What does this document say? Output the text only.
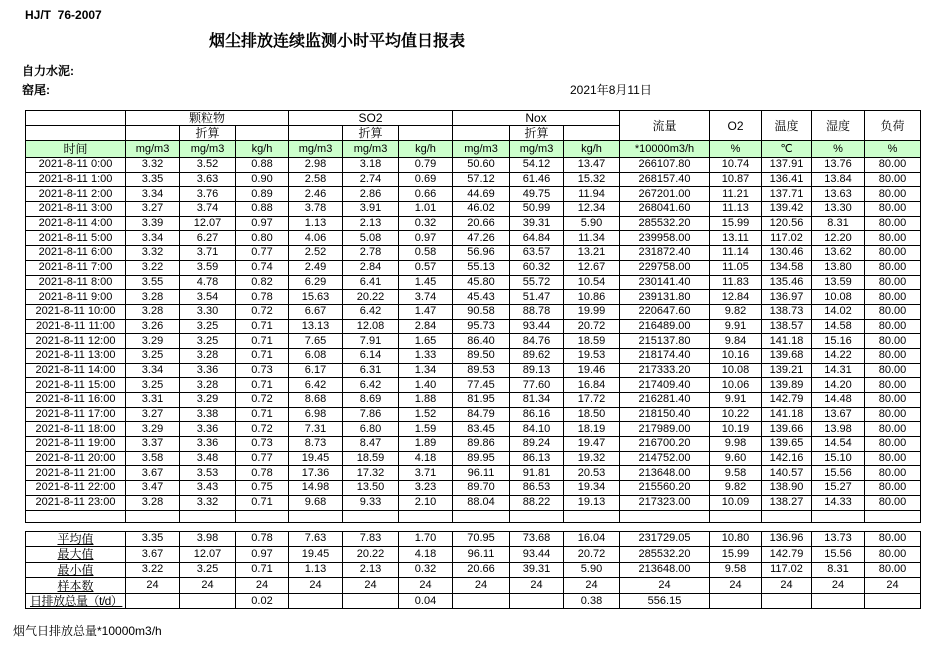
HJ/T  76-2007
烟尘排放连续监测小时平均值日报表
自力水泥:
窑尾:	2021年8月11日
	颗粒物			SO2			Nox			流量	O2	温度	湿度	负荷
		折算			折算			折算						
时间	mg/m3	mg/m3	kg/h	mg/m3	mg/m3	kg/h	mg/m3	mg/m3	kg/h	*10000m3/h	%	℃	%	%
2021-8-11 0:00	3.32	3.52	0.88	2.98	3.18	0.79	50.60	54.12	13.47	266107.80	10.74	137.91	13.76	80.00
2021-8-11 1:00	3.35	3.63	0.90	2.58	2.74	0.69	57.12	61.46	15.32	268157.40	10.87	136.41	13.84	80.00
2021-8-11 2:00	3.34	3.76	0.89	2.46	2.86	0.66	44.69	49.75	11.94	267201.00	11.21	137.71	13.63	80.00
2021-8-11 3:00	3.27	3.74	0.88	3.78	3.91	1.01	46.02	50.99	12.34	268041.60	11.13	139.42	13.30	80.00
2021-8-11 4:00	3.39	12.07	0.97	1.13	2.13	0.32	20.66	39.31	5.90	285532.20	15.99	120.56	8.31	80.00
2021-8-11 5:00	3.34	6.27	0.80	4.06	5.08	0.97	47.26	64.84	11.34	239958.00	13.11	117.02	12.20	80.00
2021-8-11 6:00	3.32	3.71	0.77	2.52	2.78	0.58	56.96	63.57	13.21	231872.40	11.14	130.46	13.62	80.00
2021-8-11 7:00	3.22	3.59	0.74	2.49	2.84	0.57	55.13	60.32	12.67	229758.00	11.05	134.58	13.80	80.00
2021-8-11 8:00	3.55	4.78	0.82	6.29	6.41	1.45	45.80	55.72	10.54	230141.40	11.83	135.46	13.59	80.00
2021-8-11 9:00	3.28	3.54	0.78	15.63	20.22	3.74	45.43	51.47	10.86	239131.80	12.84	136.97	10.08	80.00
2021-8-11 10:00	3.28	3.30	0.72	6.67	6.42	1.47	90.58	88.78	19.99	220647.60	9.82	138.73	14.02	80.00
2021-8-11 11:00	3.26	3.25	0.71	13.13	12.08	2.84	95.73	93.44	20.72	216489.00	9.91	138.57	14.58	80.00
2021-8-11 12:00	3.29	3.25	0.71	7.65	7.91	1.65	86.40	84.76	18.59	215137.80	9.84	141.18	15.16	80.00
2021-8-11 13:00	3.25	3.28	0.71	6.08	6.14	1.33	89.50	89.62	19.53	218174.40	10.16	139.68	14.22	80.00
2021-8-11 14:00	3.34	3.36	0.73	6.17	6.31	1.34	89.53	89.13	19.46	217333.20	10.08	139.21	14.31	80.00
2021-8-11 15:00	3.25	3.28	0.71	6.42	6.42	1.40	77.45	77.60	16.84	217409.40	10.06	139.89	14.20	80.00
2021-8-11 16:00	3.31	3.29	0.72	8.68	8.69	1.88	81.95	81.34	17.72	216281.40	9.91	142.79	14.48	80.00
2021-8-11 17:00	3.27	3.38	0.71	6.98	7.86	1.52	84.79	86.16	18.50	218150.40	10.22	141.18	13.67	80.00
2021-8-11 18:00	3.29	3.36	0.72	7.31	6.80	1.59	83.45	84.10	18.19	217989.00	10.19	139.66	13.98	80.00
2021-8-11 19:00	3.37	3.36	0.73	8.73	8.47	1.89	89.86	89.24	19.47	216700.20	9.98	139.65	14.54	80.00
2021-8-11 20:00	3.58	3.48	0.77	19.45	18.59	4.18	89.95	86.13	19.32	214752.00	9.60	142.16	15.10	80.00
2021-8-11 21:00	3.67	3.53	0.78	17.36	17.32	3.71	96.11	91.81	20.53	213648.00	9.58	140.57	15.56	80.00
2021-8-11 22:00	3.47	3.43	0.75	14.98	13.50	3.23	89.70	86.53	19.34	215560.20	9.82	138.90	15.27	80.00
2021-8-11 23:00	3.28	3.32	0.71	9.68	9.33	2.10	88.04	88.22	19.13	217323.00	10.09	138.27	14.33	80.00

平均值	3.35	3.98	0.78	7.63	7.83	1.70	70.95	73.68	16.04	231729.05	10.80	136.96	13.73	80.00
最大值	3.67	12.07	0.97	19.45	20.22	4.18	96.11	93.44	20.72	285532.20	15.99	142.79	15.56	80.00
最小值	3.22	3.25	0.71	1.13	2.13	0.32	20.66	39.31	5.90	213648.00	9.58	117.02	8.31	80.00
样本数	24	24	24	24	24	24	24	24	24	24	24	24	24	24
日排放总量（t/d）			0.02			0.04			0.38	556.15				
烟气日排放总量*10000m3/h
